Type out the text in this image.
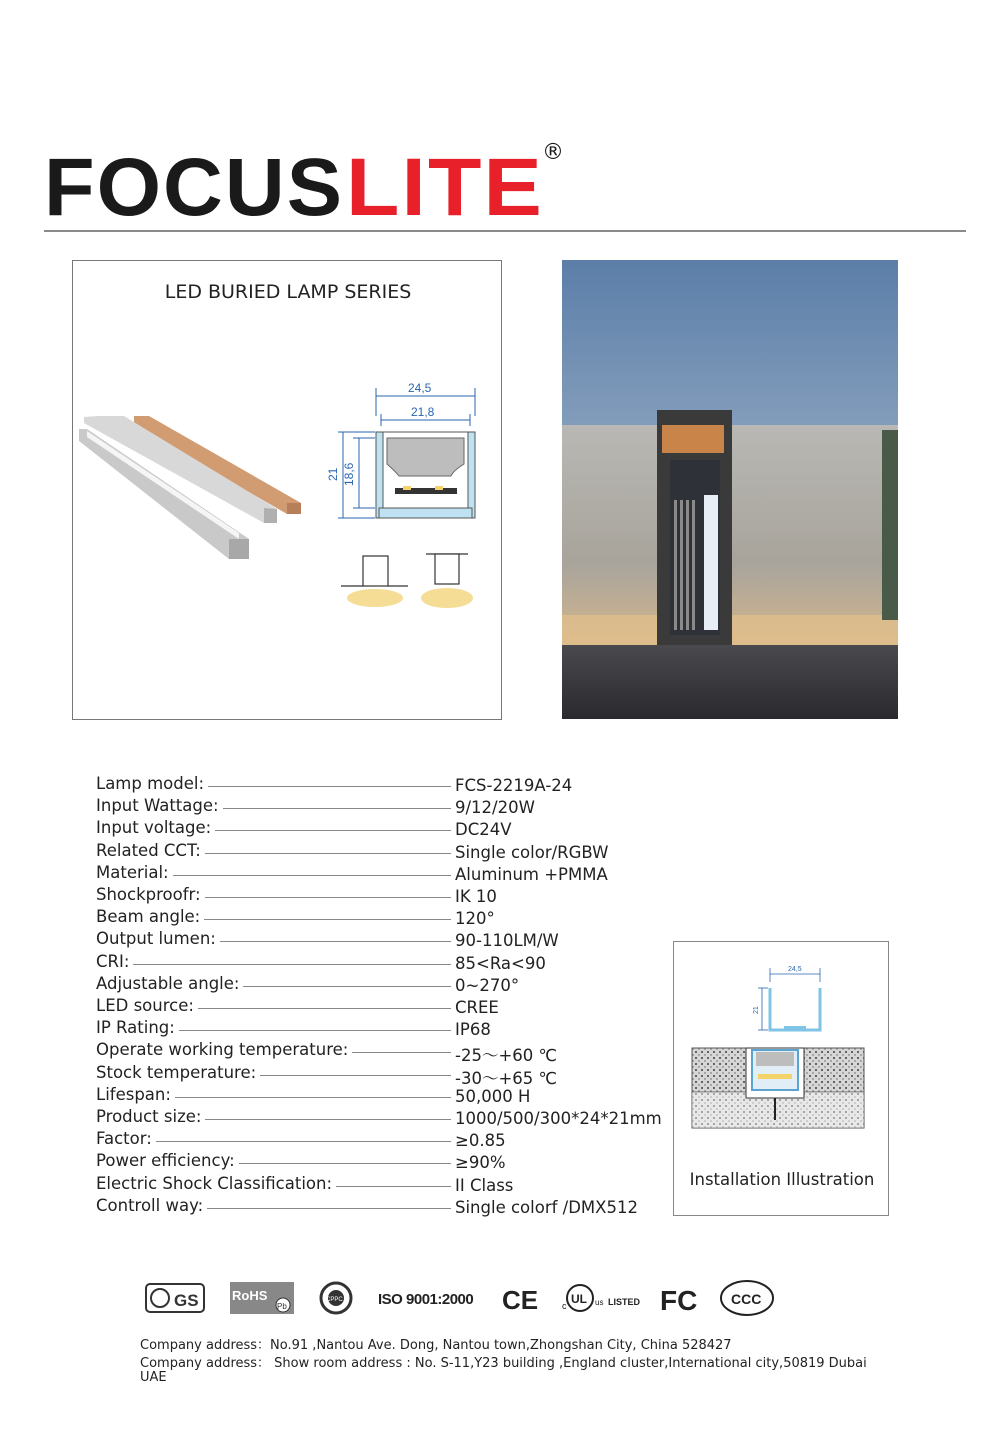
FOCUS LITE
®
LED BURIED LAMP SERIES
24,5
21,8
21 18,6
Lamp model:	FCS-2219A-24
Input Wattage:	9/12/20W
Input voltage:	DC24V
Related CCT:	Single color/RGBW
Material:	Aluminum +PMMA
Shockproofr:	IK 10
Beam angle:	120°
Output lumen:	90-110LM/W
CRI:	85<Ra<90
Adjustable angle:	0~270°
LED source:	CREE
IP Rating:	IP68
Operate working temperature:	-25～+60 ℃
Stock temperature:	-30～+65 ℃
Lifespan:	50,000 H
Product size:	1000/500/300*24*21mm
Factor:	≥0.85
Power efficiency:	≥90%
Electric Shock Classification:	II Class
Controll way:	Single colorf /DMX512
24,5
21
Installation Illustration
GS	RoHS
Pb
CPPC ISO 9001:2000 CE	c UL us LISTED FC CCC
Company address：No.91 ,Nantou Ave. Dong, Nantou town,Zhongshan City, China 528427
Company address： Show room address : No. S-11,Y23 building ,England cluster,International city,50819 Dubai
UAE
